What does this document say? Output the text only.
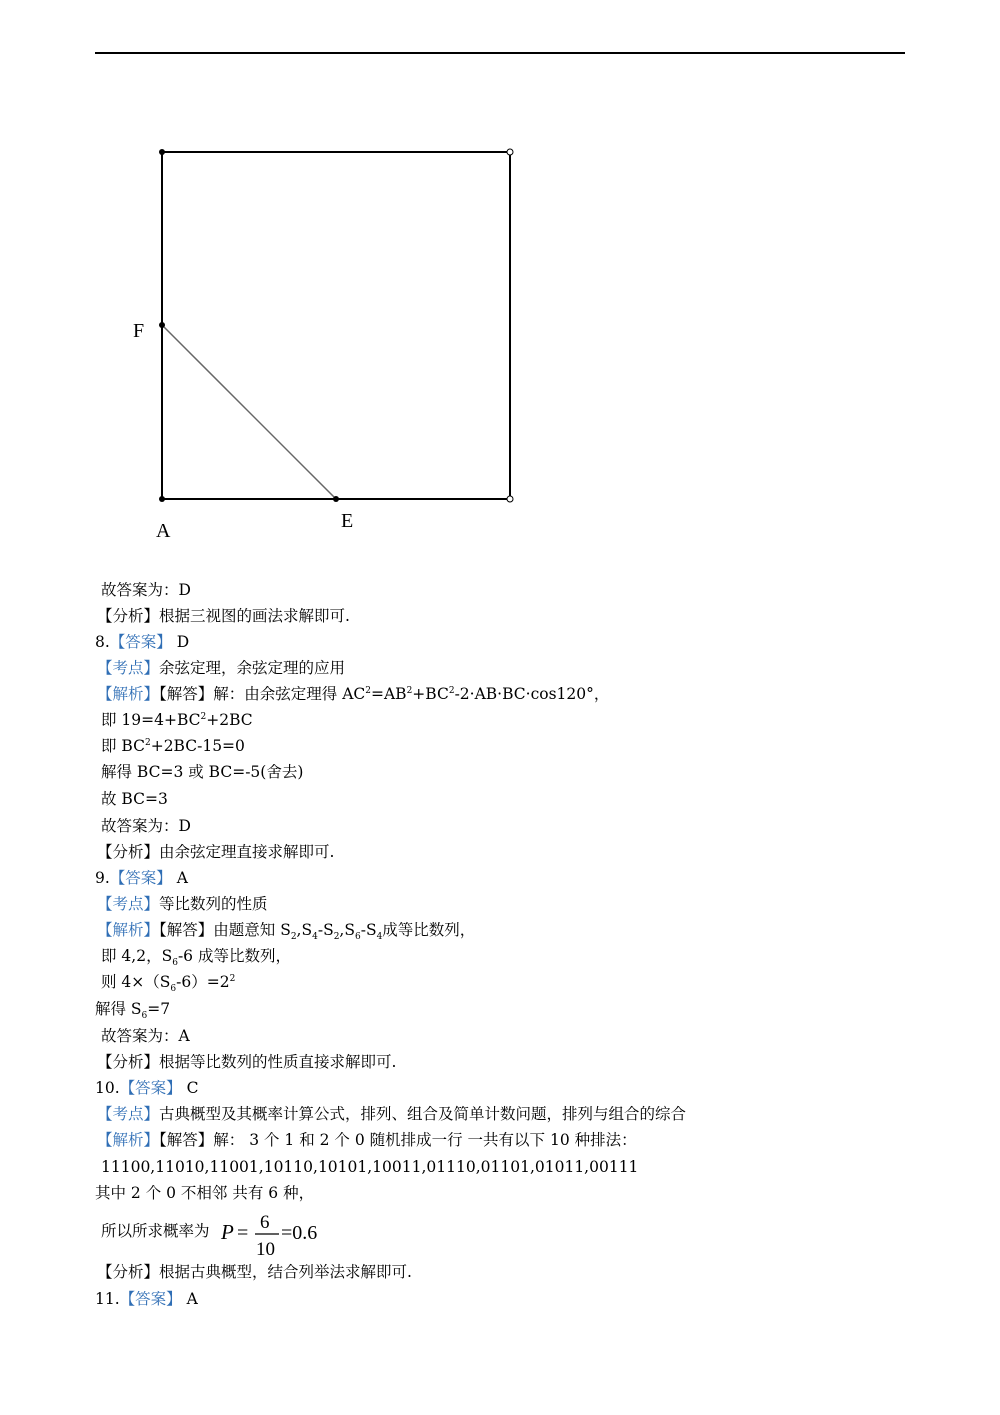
F
A	E
故答案为：D
【分析】根据三视图的画法求解即可.
8.【答案】 D
【考点】余弦定理，余弦定理的应用
【解析】【解答】解：由余弦定理得 $AC^2=AB^2+BC^2-2\cdot AB\cdot BC\cdot\cos 120^\circ$，
即 $19=4+BC^2+2BC$
即 $BC^2+2BC-15=0$
解得 BC=3 或 BC=-5(舍去)
故 BC=3
故答案为：D
【分析】由余弦定理直接求解即可.
9.【答案】 A
【考点】等比数列的性质
【解析】【解答】由题意知 $S_2,S_4-S_2,S_6-S_4$成等比数列，
即 4,2，$S_6-6$ 成等比数列，
则 $4\times(S_6-6)=2^2$
解得 $S_6=7$
故答案为：A
【分析】根据等比数列的性质直接求解即可.
10.【答案】 C
【考点】古典概型及其概率计算公式，排列、组合及简单计数问题，排列与组合的综合
【解析】【解答】解： 3 个 1 和 2 个 0 随机排成一行 一共有以下 10 种排法：
11100,11010,11001,10110,10101,10011,01110,01101,01011,00111
其中 2 个 0 不相邻 共有 6 种，
所以所求概率为 P = 6
10
=0.6
【分析】根据古典概型，结合列举法求解即可.
11.【答案】 A
